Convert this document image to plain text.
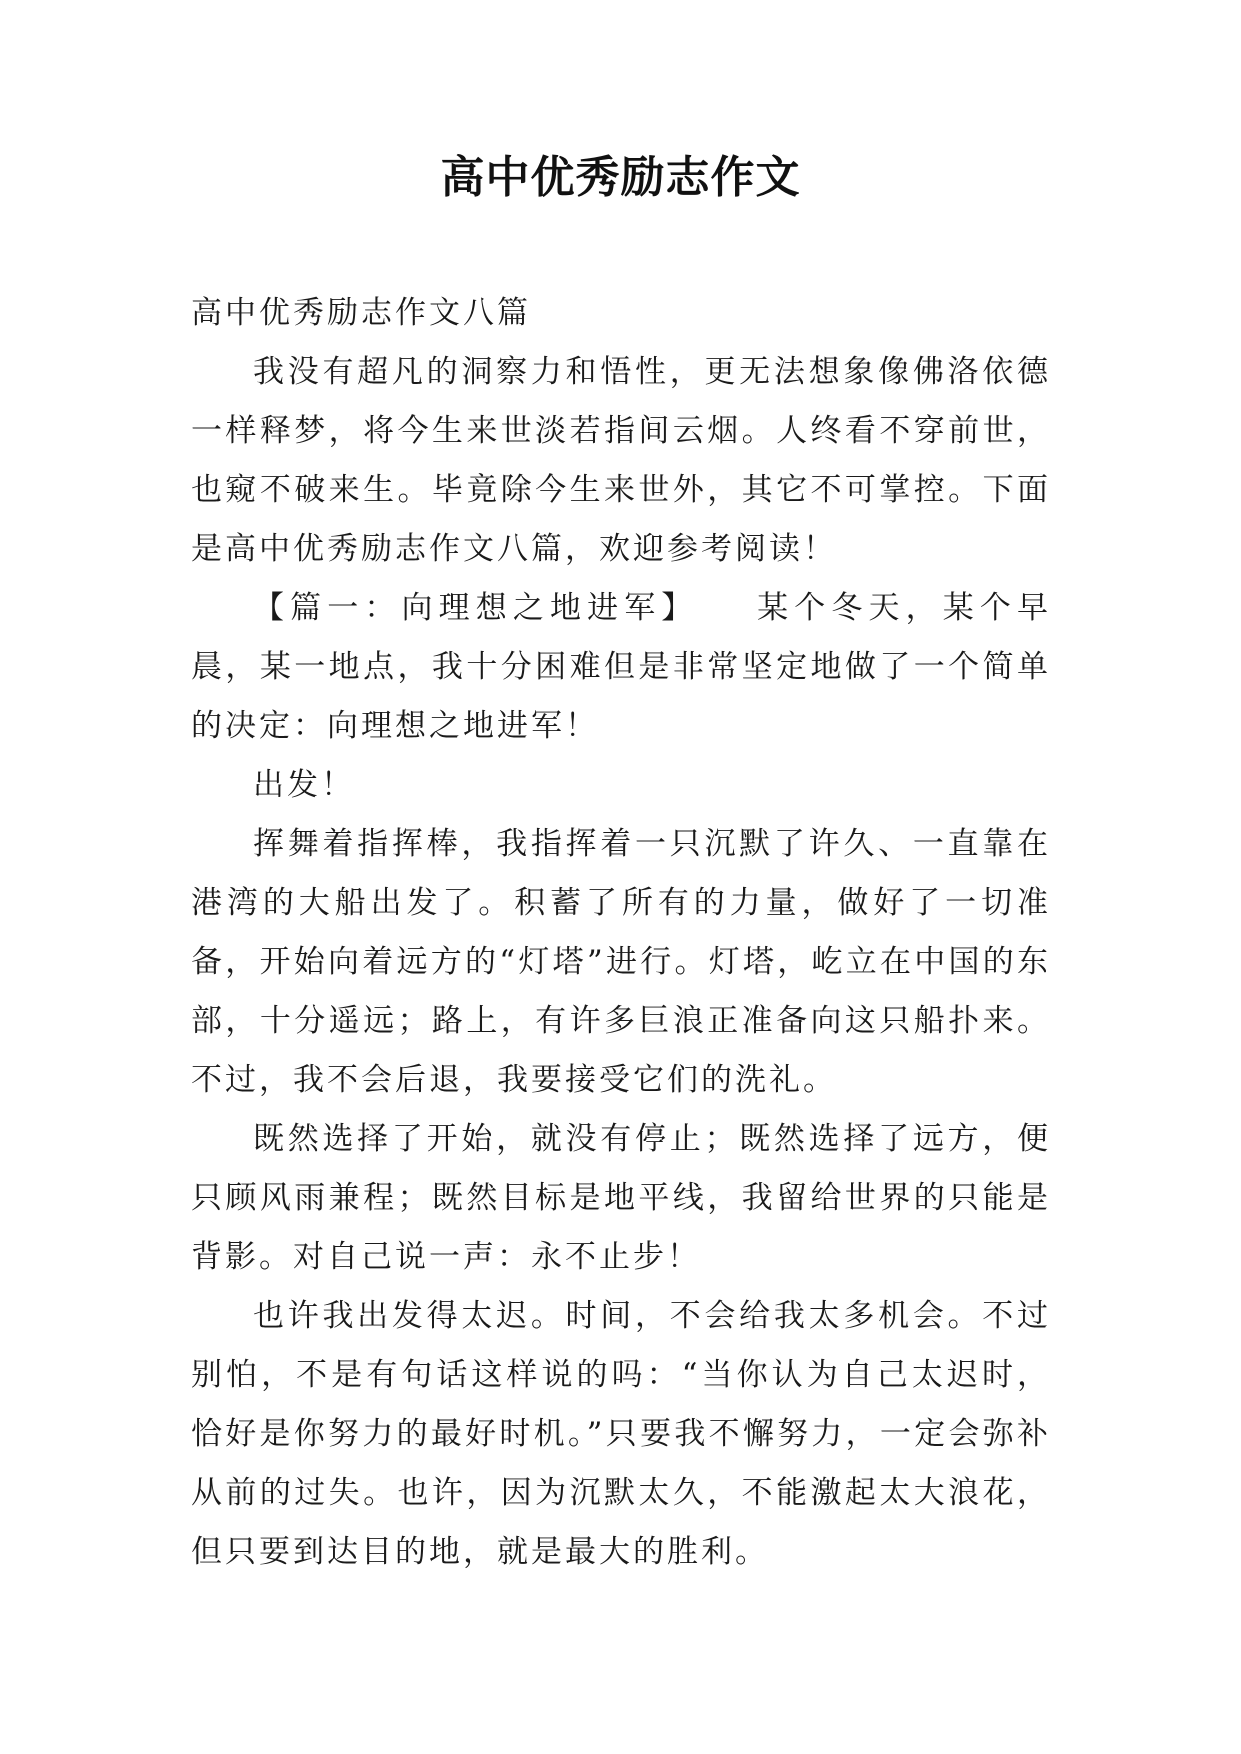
高中优秀励志作文

高中优秀励志作文八篇

我没有超凡的洞察力和悟性，更无法想象像佛洛依德一样释梦，将今生来世淡若指间云烟。人终看不穿前世，也窥不破来生。毕竟除今生来世外，其它不可掌控。下面是高中优秀励志作文八篇，欢迎参考阅读！

【篇一：向理想之地进军】　　某个冬天，某个早晨，某一地点，我十分困难但是非常坚定地做了一个简单的决定：向理想之地进军！

出发！

挥舞着指挥棒，我指挥着一只沉默了许久、一直靠在港湾的大船出发了。积蓄了所有的力量，做好了一切准备，开始向着远方的“灯塔”进行。灯塔，屹立在中国的东部，十分遥远；路上，有许多巨浪正准备向这只船扑来。不过，我不会后退，我要接受它们的洗礼。

既然选择了开始，就没有停止；既然选择了远方，便只顾风雨兼程；既然目标是地平线，我留给世界的只能是背影。对自己说一声：永不止步！

也许我出发得太迟。时间，不会给我太多机会。不过别怕，不是有句话这样说的吗：“当你认为自己太迟时，恰好是你努力的最好时机。”只要我不懈努力，一定会弥补从前的过失。也许，因为沉默太久，不能激起太大浪花，但只要到达目的地，就是最大的胜利。
